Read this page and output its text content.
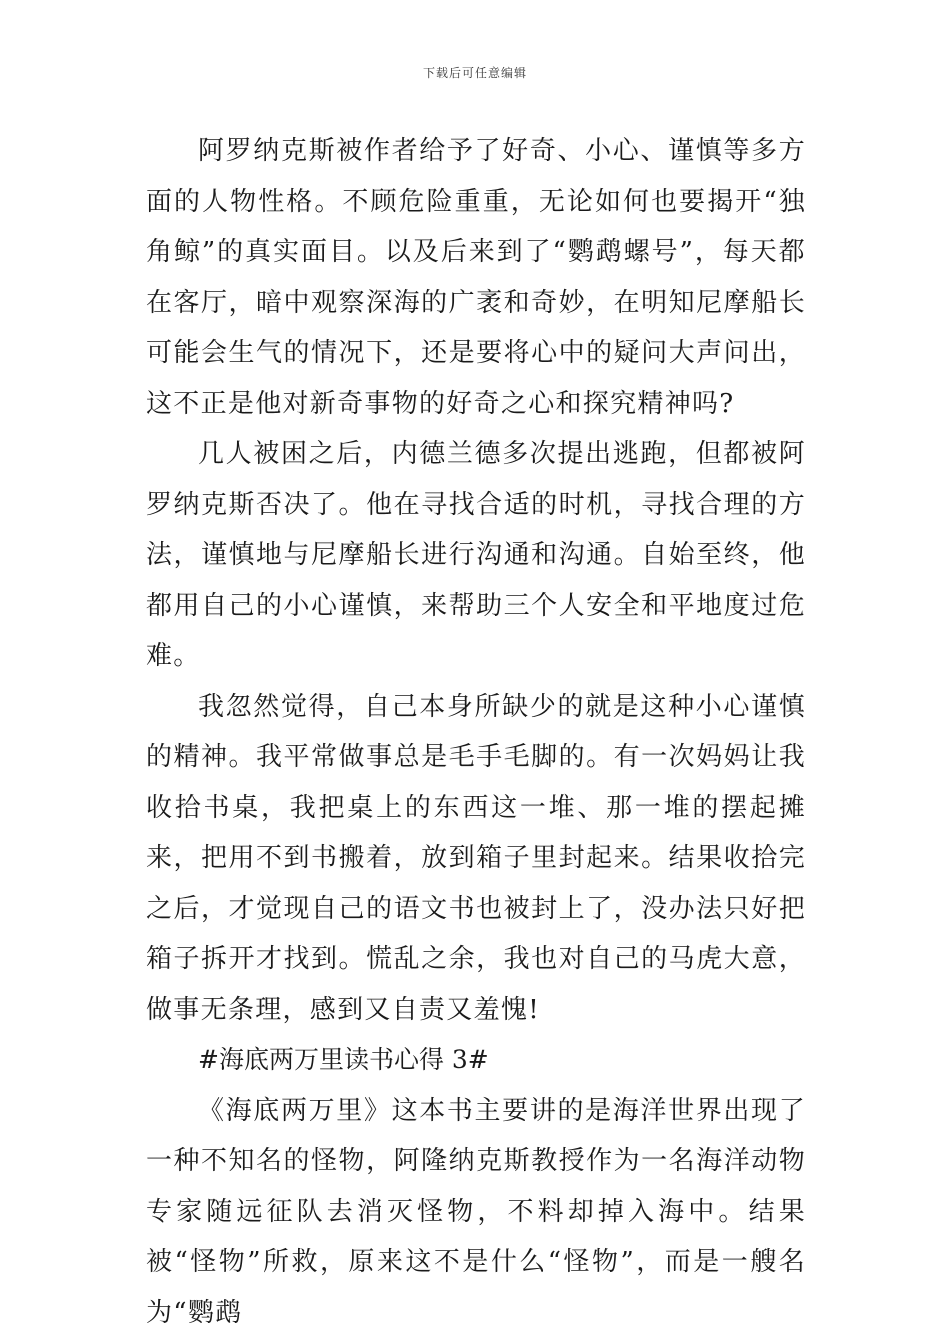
下载后可任意编辑

阿罗纳克斯被作者给予了好奇、小心、谨慎等多方面的人物性格。不顾危险重重，无论如何也要揭开“独角鲸”的真实面目。以及后来到了“鹦鹉螺号”，每天都在客厅，暗中观察深海的广袤和奇妙，在明知尼摩船长可能会生气的情况下，还是要将心中的疑问大声问出，这不正是他对新奇事物的好奇之心和探究精神吗?

几人被困之后，内德兰德多次提出逃跑，但都被阿罗纳克斯否决了。他在寻找合适的时机，寻找合理的方法，谨慎地与尼摩船长进行沟通和沟通。自始至终，他都用自己的小心谨慎，来帮助三个人安全和平地度过危难。

我忽然觉得，自己本身所缺少的就是这种小心谨慎的精神。我平常做事总是毛手毛脚的。有一次妈妈让我收拾书桌，我把桌上的东西这一堆、那一堆的摆起摊来，把用不到书搬着，放到箱子里封起来。结果收拾完之后，才觉现自己的语文书也被封上了，没办法只好把箱子拆开才找到。慌乱之余，我也对自己的马虎大意，做事无条理，感到又自责又羞愧!

#海底两万里读书心得 3#

《海底两万里》这本书主要讲的是海洋世界出现了一种不知名的怪物，阿隆纳克斯教授作为一名海洋动物专家随远征队去消灭怪物，不料却掉入海中。结果被“怪物”所救，原来这不是什么“怪物”，而是一艘名为“鹦鹉
